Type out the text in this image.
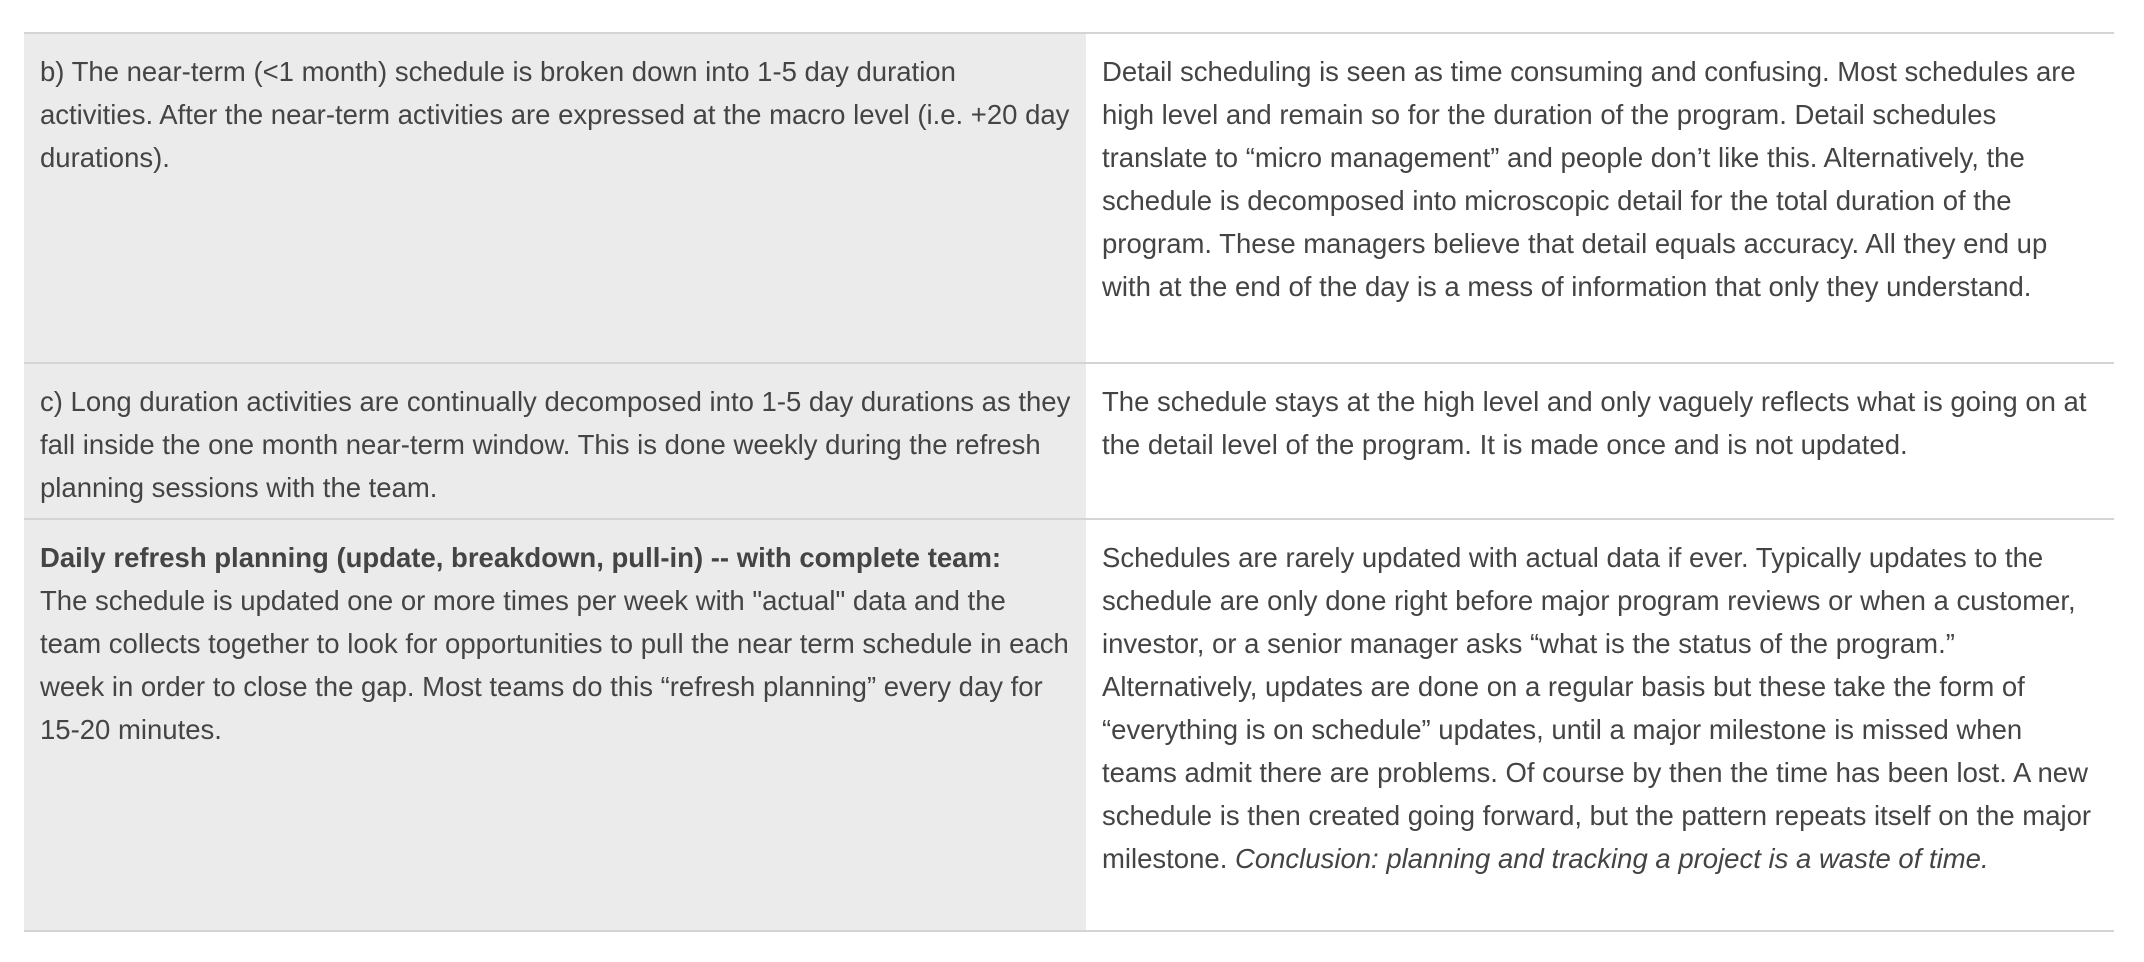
b) The near-term (<1 month) schedule is broken down into 1-5 day duration activities. After the near-term activities are expressed at the macro level (i.e. +20 day durations).
Detail scheduling is seen as time consuming and confusing. Most schedules are high level and remain so for the duration of the program. Detail schedules translate to “micro management” and people don’t like this. Alternatively, the schedule is decomposed into microscopic detail for the total duration of the program. These managers believe that detail equals accuracy. All they end up with at the end of the day is a mess of information that only they understand.
c) Long duration activities are continually decomposed into 1-5 day durations as they fall inside the one month near-term window. This is done weekly during the refresh planning sessions with the team.
The schedule stays at the high level and only vaguely reflects what is going on at the detail level of the program. It is made once and is not updated.
Daily refresh planning (update, breakdown, pull-in) -- with complete team:
The schedule is updated one or more times per week with "actual" data and the team collects together to look for opportunities to pull the near term schedule in each week in order to close the gap. Most teams do this “refresh planning” every day for 15-20 minutes.
Schedules are rarely updated with actual data if ever. Typically updates to the schedule are only done right before major program reviews or when a customer, investor, or a senior manager asks “what is the status of the program.” Alternatively, updates are done on a regular basis but these take the form of “everything is on schedule” updates, until a major milestone is missed when teams admit there are problems. Of course by then the time has been lost. A new schedule is then created going forward, but the pattern repeats itself on the major milestone. Conclusion: planning and tracking a project is a waste of time.
